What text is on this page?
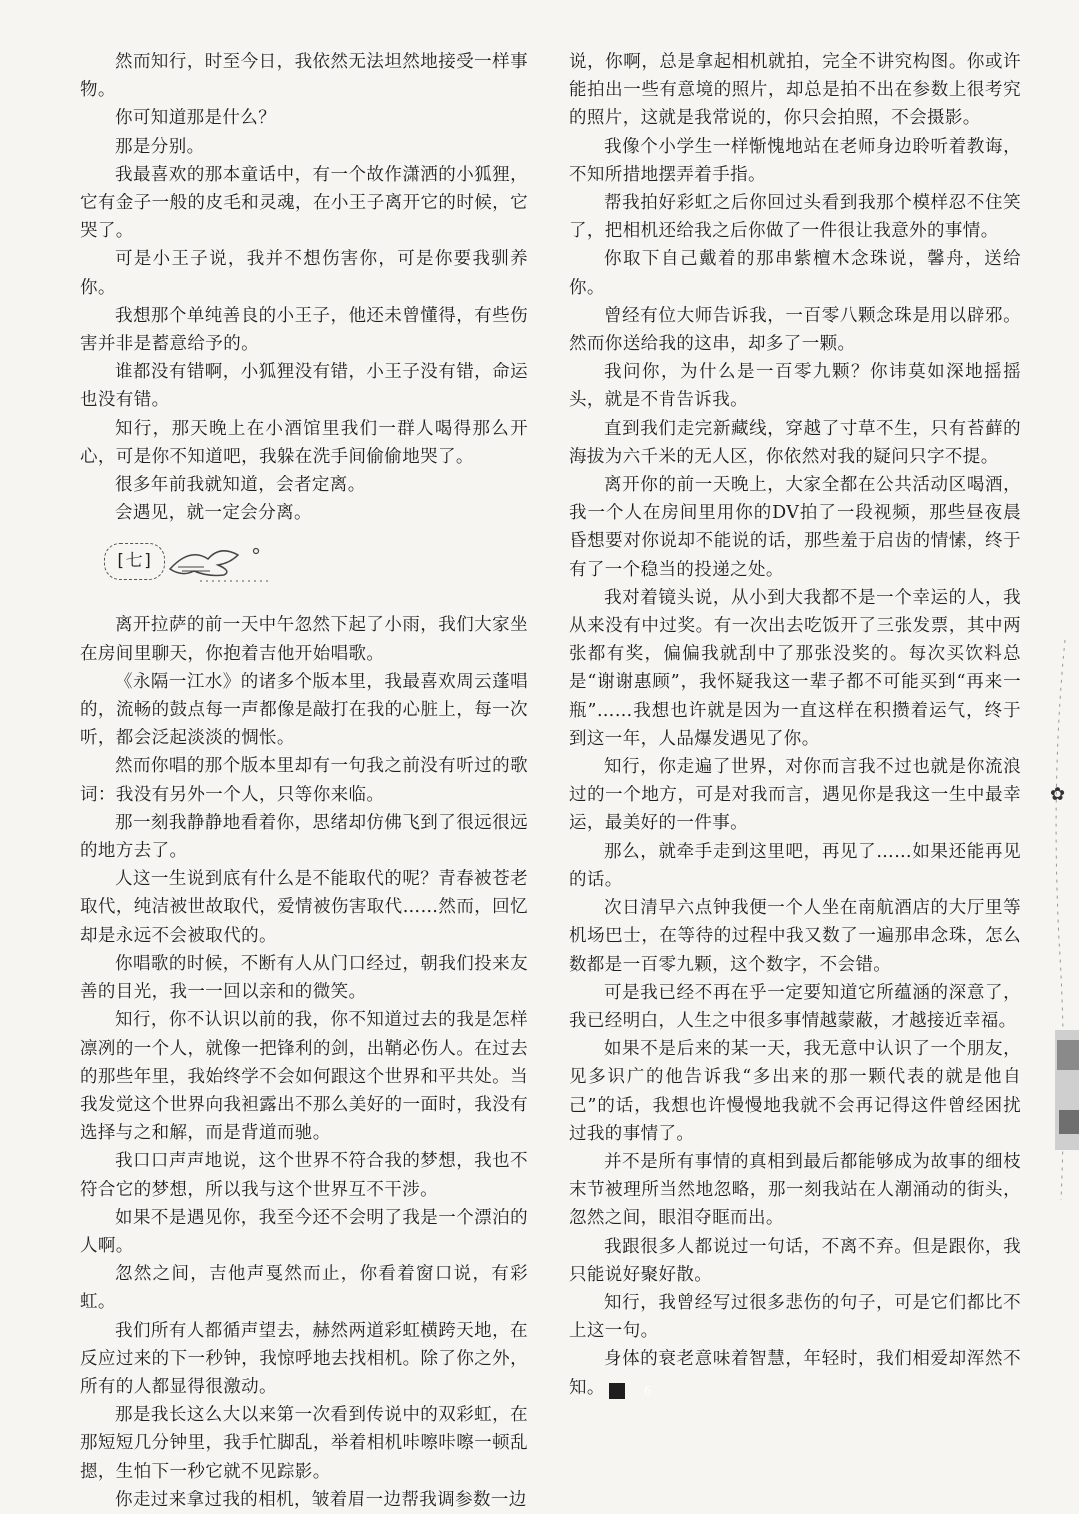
然而知行，时至今日，我依然无法坦然地接受一样事物。

你可知道那是什么？

那是分别。

我最喜欢的那本童话中，有一个故作潇洒的小狐狸，它有金子一般的皮毛和灵魂，在小王子离开它的时候，它哭了。

可是小王子说，我并不想伤害你，可是你要我驯养你。

我想那个单纯善良的小王子，他还未曾懂得，有些伤害并非是蓄意给予的。

谁都没有错啊，小狐狸没有错，小王子没有错，命运也没有错。

知行，那天晚上在小酒馆里我们一群人喝得那么开心，可是你不知道吧，我躲在洗手间偷偷地哭了。

很多年前我就知道，会者定离。

会遇见，就一定会分离。

[七]

离开拉萨的前一天中午忽然下起了小雨，我们大家坐在房间里聊天，你抱着吉他开始唱歌。

《永隔一江水》的诸多个版本里，我最喜欢周云蓬唱的，流畅的鼓点每一声都像是敲打在我的心脏上，每一次听，都会泛起淡淡的惆怅。

然而你唱的那个版本里却有一句我之前没有听过的歌词：我没有另外一个人，只等你来临。

那一刻我静静地看着你，思绪却仿佛飞到了很远很远的地方去了。

人这一生说到底有什么是不能取代的呢？青春被苍老取代，纯洁被世故取代，爱情被伤害取代……然而，回忆却是永远不会被取代的。

你唱歌的时候，不断有人从门口经过，朝我们投来友善的目光，我一一回以亲和的微笑。

知行，你不认识以前的我，你不知道过去的我是怎样凛冽的一个人，就像一把锋利的剑，出鞘必伤人。在过去的那些年里，我始终学不会如何跟这个世界和平共处。当我发觉这个世界向我袒露出不那么美好的一面时，我没有选择与之和解，而是背道而驰。

我口口声声地说，这个世界不符合我的梦想，我也不符合它的梦想，所以我与这个世界互不干涉。

如果不是遇见你，我至今还不会明了我是一个漂泊的人啊。

忽然之间，吉他声戛然而止，你看着窗口说，有彩虹。

我们所有人都循声望去，赫然两道彩虹横跨天地，在反应过来的下一秒钟，我惊呼地去找相机。除了你之外，所有的人都显得很激动。

那是我长这么大以来第一次看到传说中的双彩虹，在那短短几分钟里，我手忙脚乱，举着相机咔嚓咔嚓一顿乱摁，生怕下一秒它就不见踪影。

你走过来拿过我的相机，皱着眉一边帮我调参数一边

说，你啊，总是拿起相机就拍，完全不讲究构图。你或许能拍出一些有意境的照片，却总是拍不出在参数上很考究的照片，这就是我常说的，你只会拍照，不会摄影。

我像个小学生一样惭愧地站在老师身边聆听着教诲，不知所措地摆弄着手指。

帮我拍好彩虹之后你回过头看到我那个模样忍不住笑了，把相机还给我之后你做了一件很让我意外的事情。

你取下自己戴着的那串紫檀木念珠说，馨舟，送给你。

曾经有位大师告诉我，一百零八颗念珠是用以辟邪。然而你送给我的这串，却多了一颗。

我问你，为什么是一百零九颗？你讳莫如深地摇摇头，就是不肯告诉我。

直到我们走完新藏线，穿越了寸草不生，只有苔藓的海拔为六千米的无人区，你依然对我的疑问只字不提。

离开你的前一天晚上，大家全都在公共活动区喝酒，我一个人在房间里用你的DV拍了一段视频，那些昼夜晨昏想要对你说却不能说的话，那些羞于启齿的情愫，终于有了一个稳当的投递之处。

我对着镜头说，从小到大我都不是一个幸运的人，我从来没有中过奖。有一次出去吃饭开了三张发票，其中两张都有奖，偏偏我就刮中了那张没奖的。每次买饮料总是“谢谢惠顾”，我怀疑我这一辈子都不可能买到“再来一瓶”……我想也许就是因为一直这样在积攒着运气，终于到这一年，人品爆发遇见了你。

知行，你走遍了世界，对你而言我不过也就是你流浪过的一个地方，可是对我而言，遇见你是我这一生中最幸运，最美好的一件事。

那么，就牵手走到这里吧，再见了……如果还能再见的话。

次日清早六点钟我便一个人坐在南航酒店的大厅里等机场巴士，在等待的过程中我又数了一遍那串念珠，怎么数都是一百零九颗，这个数字，不会错。

可是我已经不再在乎一定要知道它所蕴涵的深意了，我已经明白，人生之中很多事情越蒙蔽，才越接近幸福。

如果不是后来的某一天，我无意中认识了一个朋友，见多识广的他告诉我“多出来的那一颗代表的就是他自己”的话，我想也许慢慢地我就不会再记得这件曾经困扰过我的事情了。

并不是所有事情的真相到最后都能够成为故事的细枝末节被理所当然地忽略，那一刻我站在人潮涌动的街头，忽然之间，眼泪夺眶而出。

我跟很多人都说过一句话，不离不弃。但是跟你，我只能说好聚好散。

知行，我曾经写过很多悲伤的句子，可是它们都比不上这一句。

身体的衰老意味着智慧，年轻时，我们相爱却浑然不知。	6

✿
